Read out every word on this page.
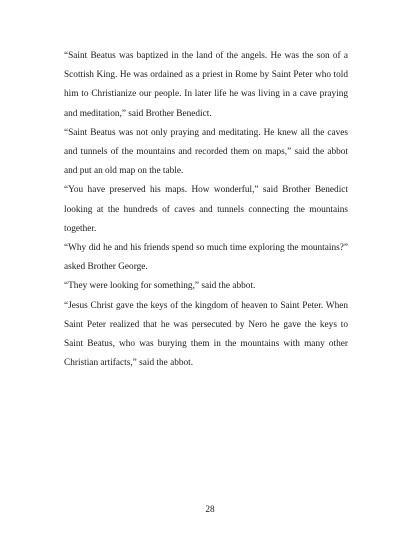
“Saint Beatus was baptized in the land of the angels. He was the son of a Scottish King. He was ordained as a priest in Rome by Saint Peter who told him to Christianize our people. In later life he was living in a cave praying and meditation,” said Brother Benedict.

“Saint Beatus was not only praying and meditating. He knew all the caves and tunnels of the mountains and recorded them on maps,” said the abbot and put an old map on the table.

“You have preserved his maps. How wonderful,” said Brother Benedict looking at the hundreds of caves and tunnels connecting the mountains together.

“Why did he and his friends spend so much time exploring the mountains?” asked Brother George.

“They were looking for something,” said the abbot.

“Jesus Christ gave the keys of the kingdom of heaven to Saint Peter. When Saint Peter realized that he was persecuted by Nero he gave the keys to Saint Beatus, who was burying them in the mountains with many other Christian artifacts,” said the abbot.

28
